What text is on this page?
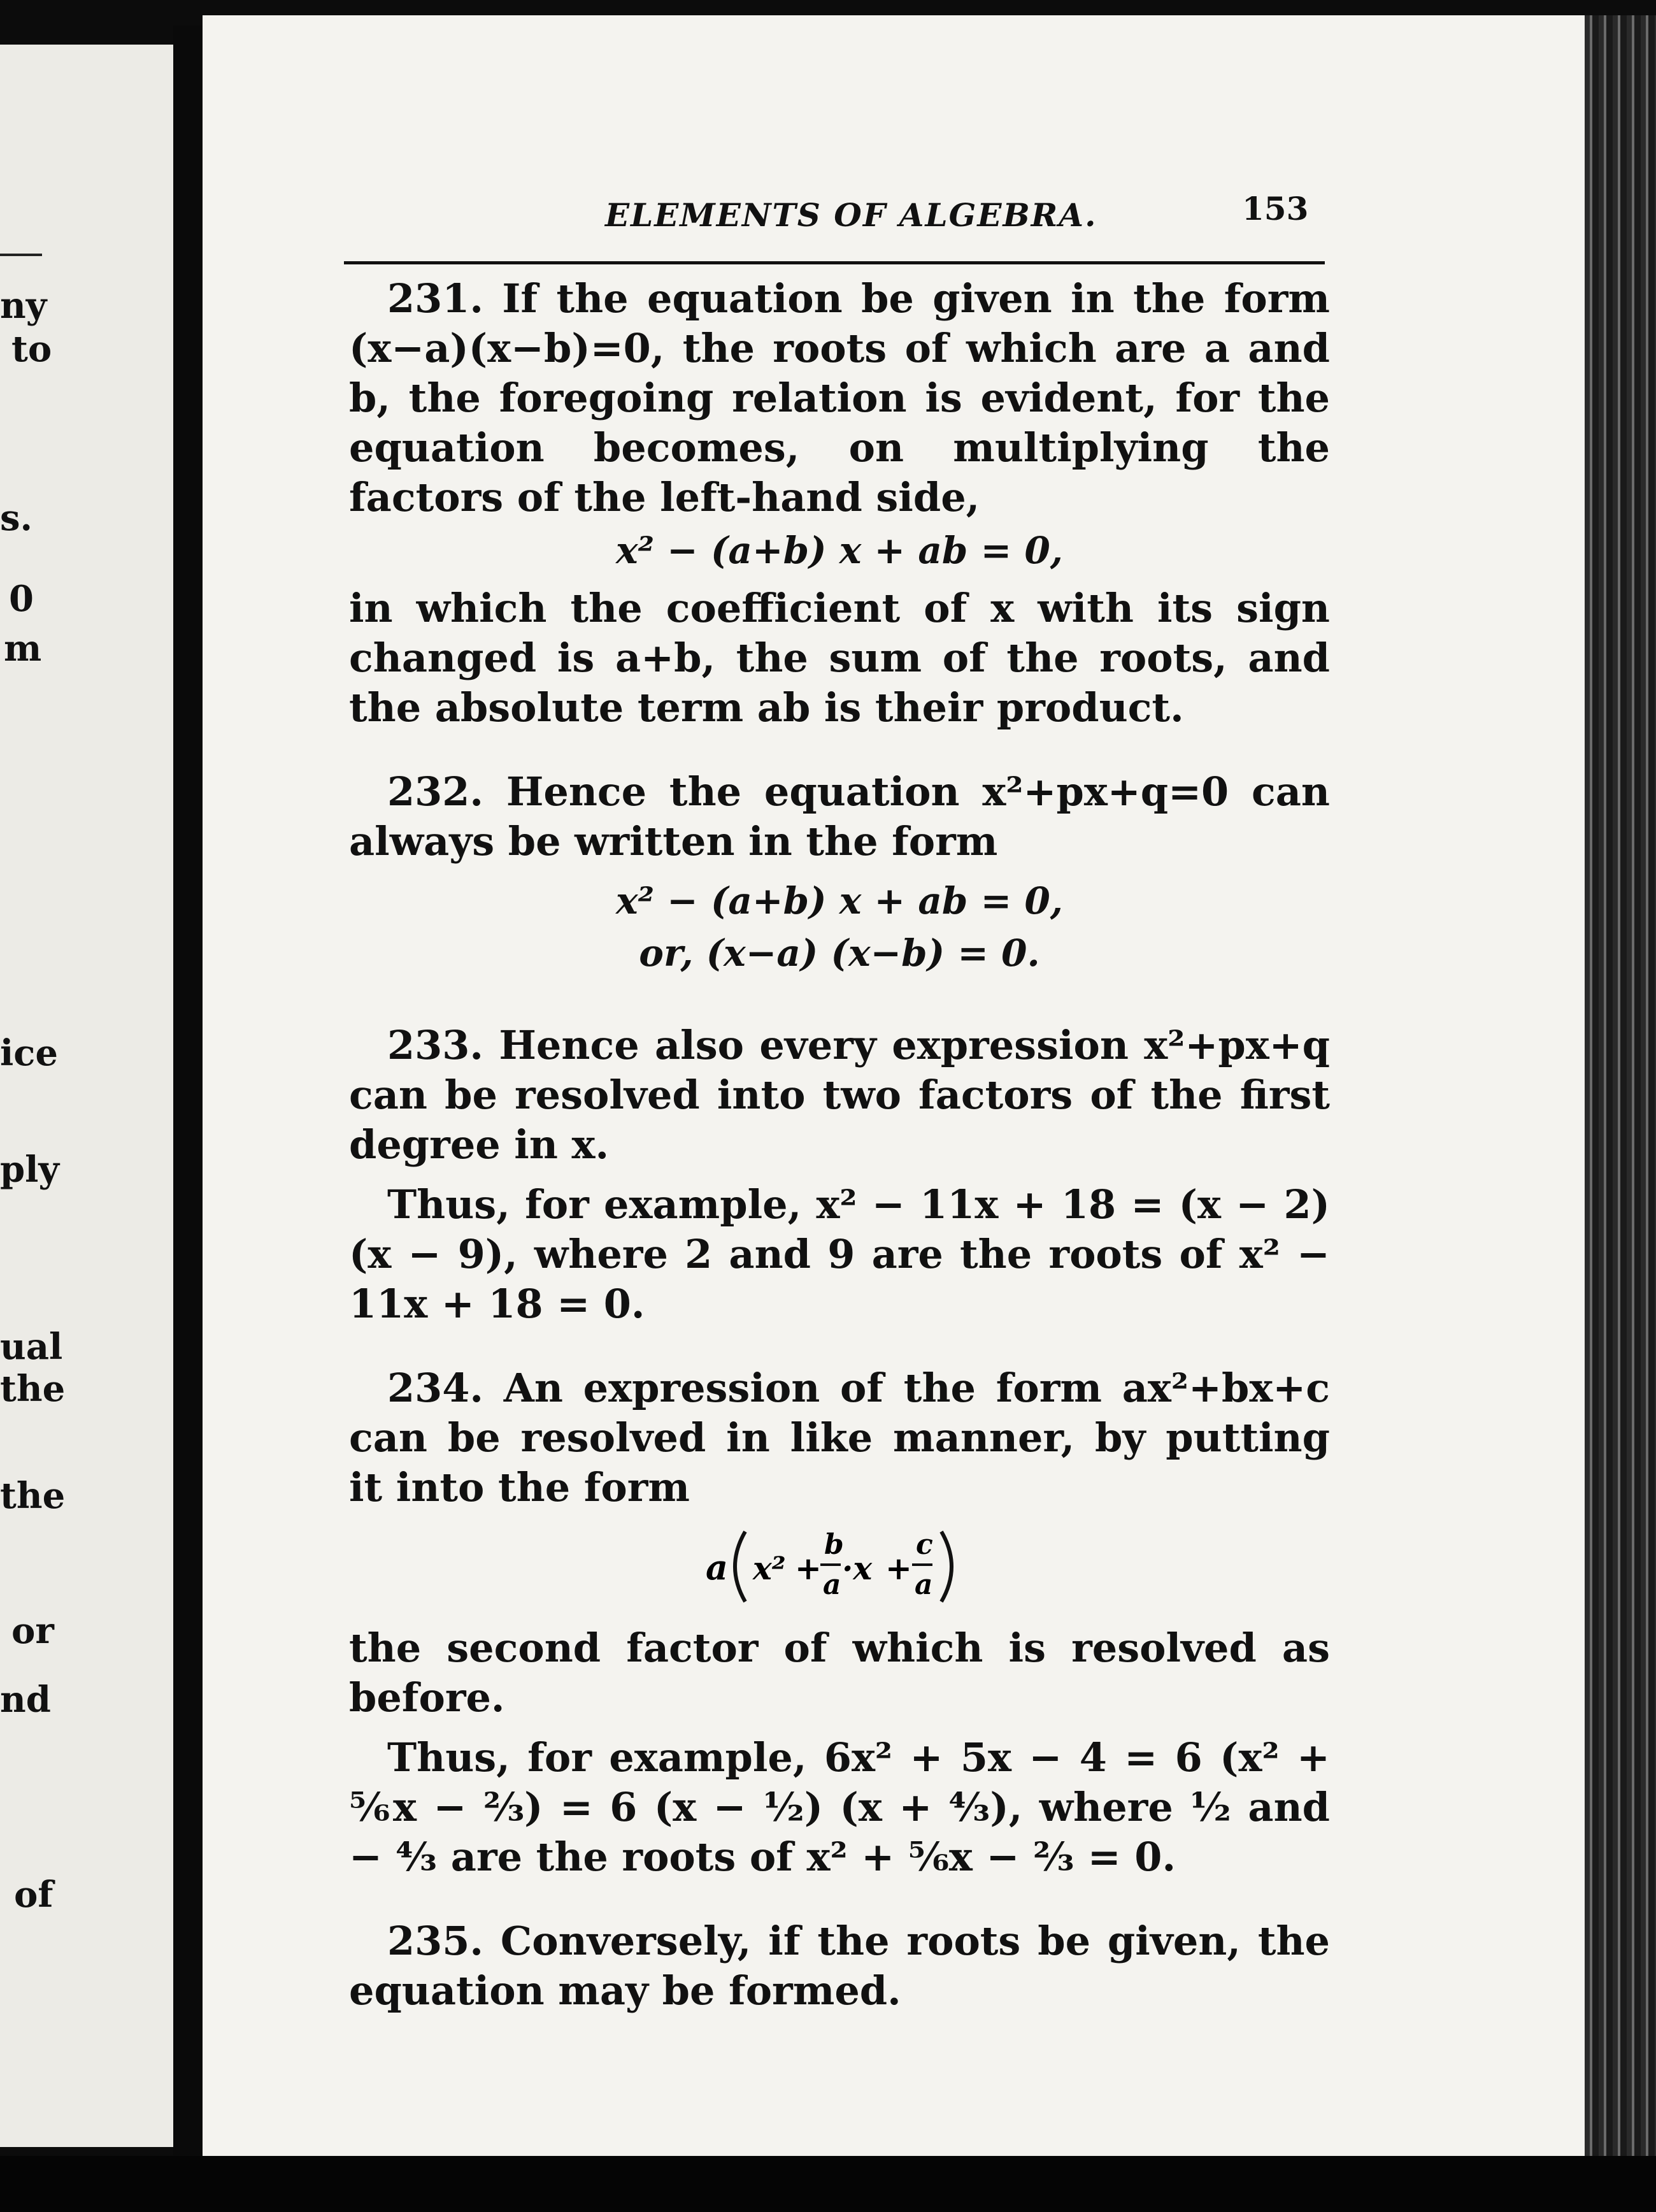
ny
to
s.
0
m
ice
ply
ual
the
the
or
nd
of
ELEMENTS OF ALGEBRA.	153

231. If the equation be given in the form (x−a)(x−b)=0, the roots of which are a and b, the foregoing relation is evident, for the equation becomes, on multiplying the factors of the left-hand side,

x² − (a+b) x + ab = 0,

in which the coefficient of x with its sign changed is a+b, the sum of the roots, and the absolute term ab is their product.

232. Hence the equation x²+px+q=0 can always be written in the form

x² − (a+b) x + ab = 0,

or, (x−a) (x−b) = 0.

233. Hence also every expression x²+px+q can be resolved into two factors of the first degree in x.

Thus, for example, x² − 11x + 18 = (x − 2) (x − 9), where 2 and 9 are the roots of x² − 11x + 18 = 0.

234. An expression of the form ax²+bx+c can be resolved in like manner, by putting it into the form

a x² +
b
a ·x +
c
a

the second factor of which is resolved as before.

Thus, for example, 6x² + 5x − 4 = 6 (x² + ⅚x − ⅔) = 6 (x − ½) (x + ⁴⁄₃), where ½ and − ⁴⁄₃ are the roots of x² + ⅚x − ⅔ = 0.

235. Conversely, if the roots be given, the equation may be formed.
